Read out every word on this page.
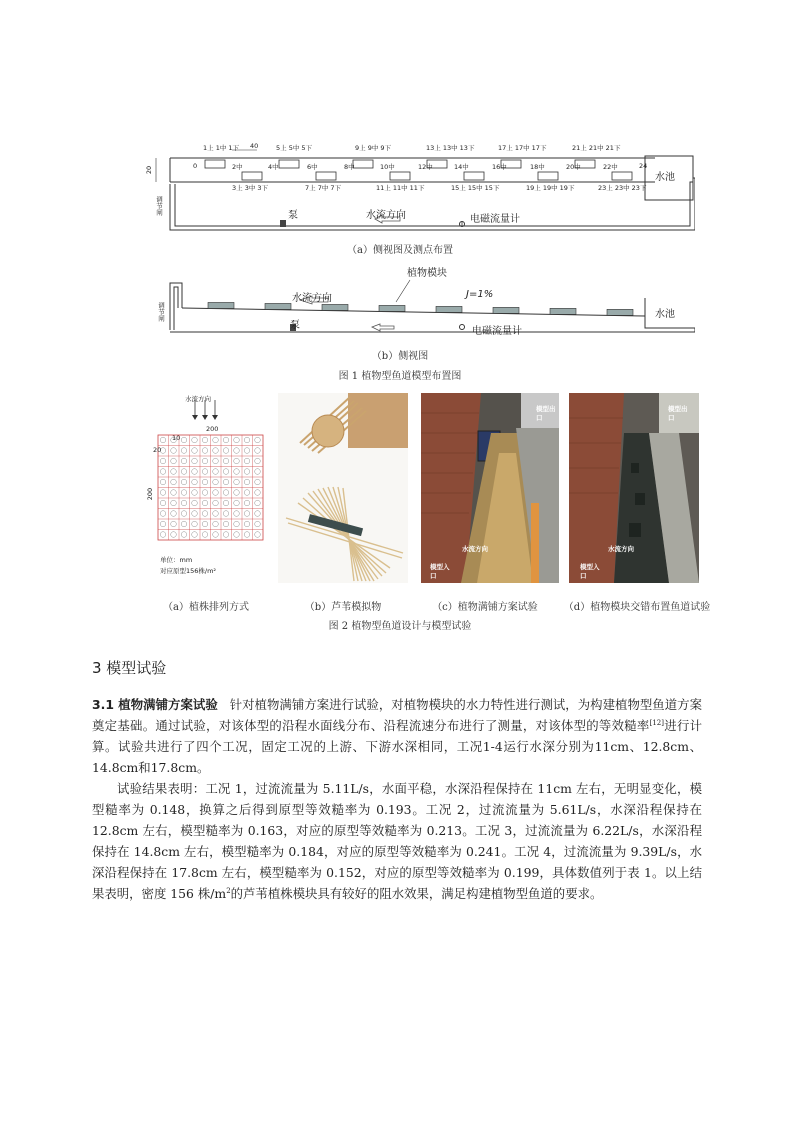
1上 1中 1下	5上 5中 5下	9上 9中 9下	13上 13中 13下	17上 17中 17下	21上 21中 21下
3上 3中 3下	7上 7中 7下	11上 11中 11下	15上 15中 15下	19上 19中 19下	23上 23中 23下
0	2中	4中	6中	8中	10中	12中	14中	16中	18中	20中	22中	24
40
20
水池
泵	水流方向	电磁流量计
调节闸
（a）侧视图及测点布置
植物模块
水流方向	J=1%
水池
泵
电磁流量计
调节闸
（b）侧视图
图 1 植物型鱼道模型布置图
水流方向
200
10
200
20
单位：mm
对应原型156株/m²
模型出口
水流方向
模型入口
模型出口
水流方向
模型入口
（a）植株排列方式	（b）芦苇模拟物	（c）植物满铺方案试验	（d）植物模块交错布置鱼道试验
图 2 植物型鱼道设计与模型试验
3 模型试验

3.1 植物满铺方案试验 针对植物满铺方案进行试验，对植物模块的水力特性进行测试，为构建植物型鱼道方案奠定基础。通过试验，对该体型的沿程水面线分布、沿程流速分布进行了测量，对该体型的等效糙率[12]进行计算。试验共进行了四个工况，固定工况的上游、下游水深相同，工况1-4运行水深分别为11cm、12.8cm、14.8cm和17.8cm。

试验结果表明：工况 1，过流流量为 5.11L/s，水面平稳，水深沿程保持在 11cm 左右，无明显变化，模型糙率为 0.148，换算之后得到原型等效糙率为 0.193。工况 2，过流流量为 5.61L/s，水深沿程保持在 12.8cm 左右，模型糙率为 0.163，对应的原型等效糙率为 0.213。工况 3，过流流量为 6.22L/s，水深沿程保持在 14.8cm 左右，模型糙率为 0.184，对应的原型等效糙率为 0.241。工况 4，过流流量为 9.39L/s，水深沿程保持在 17.8cm 左右，模型糙率为 0.152，对应的原型等效糙率为 0.199，具体数值列于表 1。以上结果表明，密度 156 株$/m^2$的芦苇植株模块具有较好的阻水效果，满足构建植物型鱼道的要求。
